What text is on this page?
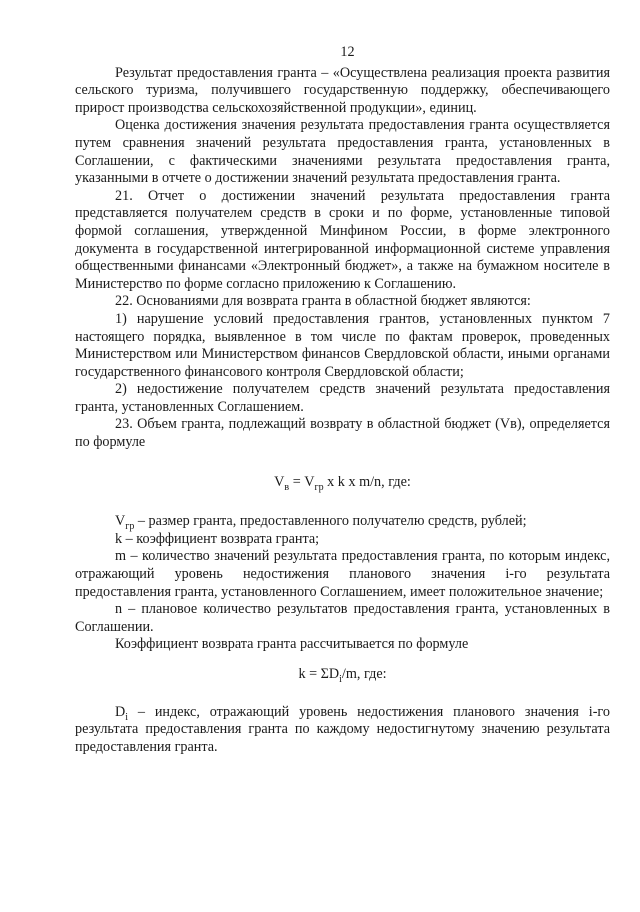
12

Результат предоставления гранта – «Осуществлена реализация проекта развития сельского туризма, получившего государственную поддержку, обеспечивающего прирост производства сельскохозяйственной продукции», единиц.

Оценка достижения значения результата предоставления гранта осуществляется путем сравнения значений результата предоставления гранта, установленных в Соглашении, с фактическими значениями результата предоставления гранта, указанными в отчете о достижении значений результата предоставления гранта.

21. Отчет о достижении значений результата предоставления гранта представляется получателем средств в сроки и по форме, установленные типовой формой соглашения, утвержденной Минфином России, в форме электронного документа в государственной интегрированной информационной системе управления общественными финансами «Электронный бюджет», а также на бумажном носителе в Министерство по форме согласно приложению к Соглашению.

22. Основаниями для возврата гранта в областной бюджет являются:

1) нарушение условий предоставления грантов, установленных пунктом 7 настоящего порядка, выявленное в том числе по фактам проверок, проведенных Министерством или Министерством финансов Свердловской области, иными органами государственного финансового контроля Свердловской области;

2) недостижение получателем средств значений результата предоставления гранта, установленных Соглашением.

23. Объем гранта, подлежащий возврату в областной бюджет (Vв), определяется по формуле

$V_в = V_{гр}$ x k x m/n, где:

$V_{гр}$ – размер гранта, предоставленного получателю средств, рублей;

k – коэффициент возврата гранта;

m – количество значений результата предоставления гранта, по которым индекс, отражающий уровень недостижения планового значения i-го результата предоставления гранта, установленного Соглашением, имеет положительное значение;

n – плановое количество результатов предоставления гранта, установленных в Соглашении.

Коэффициент возврата гранта рассчитывается по формуле

$k = \Sigma D_i/m$, где:

$D_i$ – индекс, отражающий уровень недостижения планового значения i-го результата предоставления гранта по каждому недостигнутому значению результата предоставления гранта.
